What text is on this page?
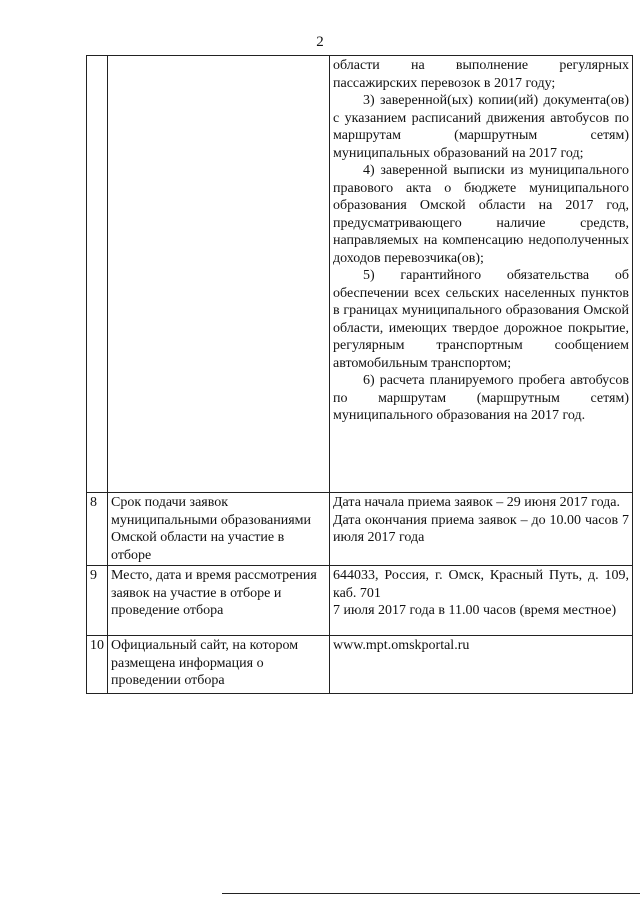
2

		области на выполнение регулярных пассажирских перевозок в 2017 году;

3) заверенной(ых) копии(ий) документа(ов) с указанием расписаний движения автобусов по маршрутам (маршрутным сетям) муниципальных образований на 2017 год;

4) заверенной выписки из муниципального правового акта о бюджете муниципального образования Омской области на 2017 год, предусматривающего наличие средств, направляемых на компенсацию недополученных доходов перевозчика(ов);

5) гарантийного обязательства об обеспечении всех сельских населенных пунктов в границах муниципального образования Омской области, имеющих твердое дорожное покрытие, регулярным транспортным сообщением автомобильным транспортом;

6) расчета планируемого пробега автобусов по маршрутам (маршрутным сетям) муниципального образования на 2017 год.

8	Срок подачи заявок муниципальными образованиями Омской области на участие в отборе	Дата начала приема заявок – 29 июня 2017 года.

Дата окончания приема заявок – до 10.00 часов 7 июля 2017 года

9	Место, дата и время рассмотрения заявок на участие в отборе и проведение отбора	644033, Россия, г. Омск, Красный Путь, д. 109, каб. 701

7 июля 2017 года в 11.00 часов (время местное)

10	Официальный сайт, на котором размещена информация о проведении отбора	www.mpt.omskportal.ru
